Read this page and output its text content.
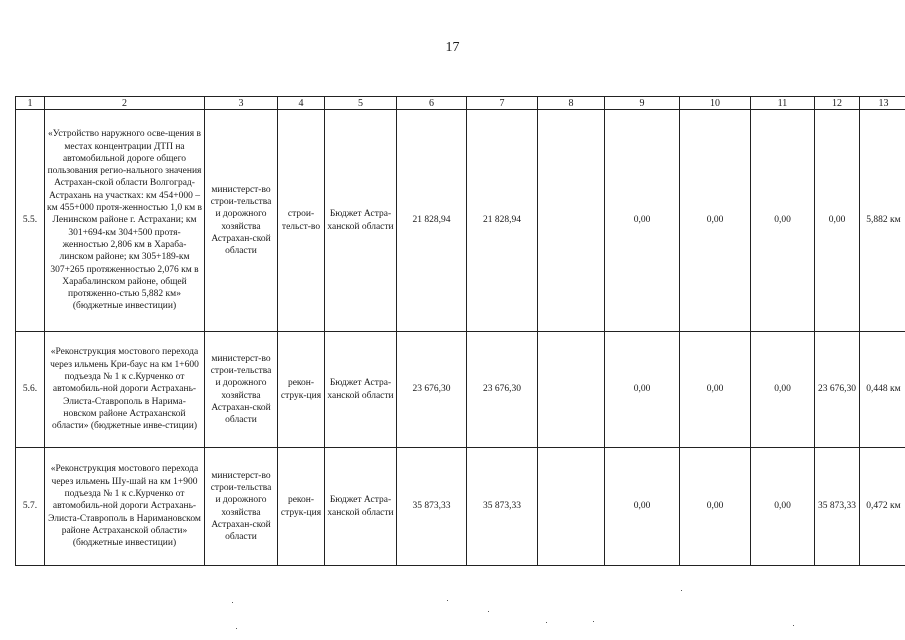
17
1	2	3	4	5	6	7	8	9	10	11	12	13
5.5.	«Устройство наружного осве-щения в местах концентрации ДТП на автомобильной дороге общего пользования регио-нального значения Астрахан-ской области Волгоград-Астрахань на участках: км 454+000 – км 455+000 протя-женностью 1,0 км в Ленинском районе г. Астрахани; км 301+694-км 304+500 протя-женностью 2,806 км в Хараба-линском районе; км 305+189-км 307+265 протяженностью 2,076 км в Харабалинском районе, общей протяженно-стью 5,882 км» (бюджетные инвестиции)	министерст-во строи-тельства и дорожного хозяйства Астрахан-ской области	строи-тельст-во	Бюджет Астра-ханской области	21 828,94	21 828,94		0,00	0,00	0,00	0,00	5,882 км
5.6.	«Реконструкция мостового перехода через ильмень Кри-баус на км 1+600 подъезда № 1 к с.Курченко от автомобиль-ной дороги Астрахань-Элиста-Ставрополь в Наримa-новском районе Астраханской области» (бюджетные инве-стиции)	министерст-во строи-тельства и дорожного хозяйства Астрахан-ской области	рекон-струк-ция	Бюджет Астра-ханской области	23 676,30	23 676,30		0,00	0,00	0,00	23 676,30	0,448 км
5.7.	«Реконструкция мостового перехода через ильмень Шу-шай на км 1+900 подъезда № 1 к с.Курченко от автомобиль-ной дороги Астрахань-Элиста-Ставрополь в Наримановском районе Астраханской области» (бюджетные инвестиции)	министерст-во строи-тельства и дорожного хозяйства Астрахан-ской области	рекон-струк-ция	Бюджет Астра-ханской области	35 873,33	35 873,33		0,00	0,00	0,00	35 873,33	0,472 км
